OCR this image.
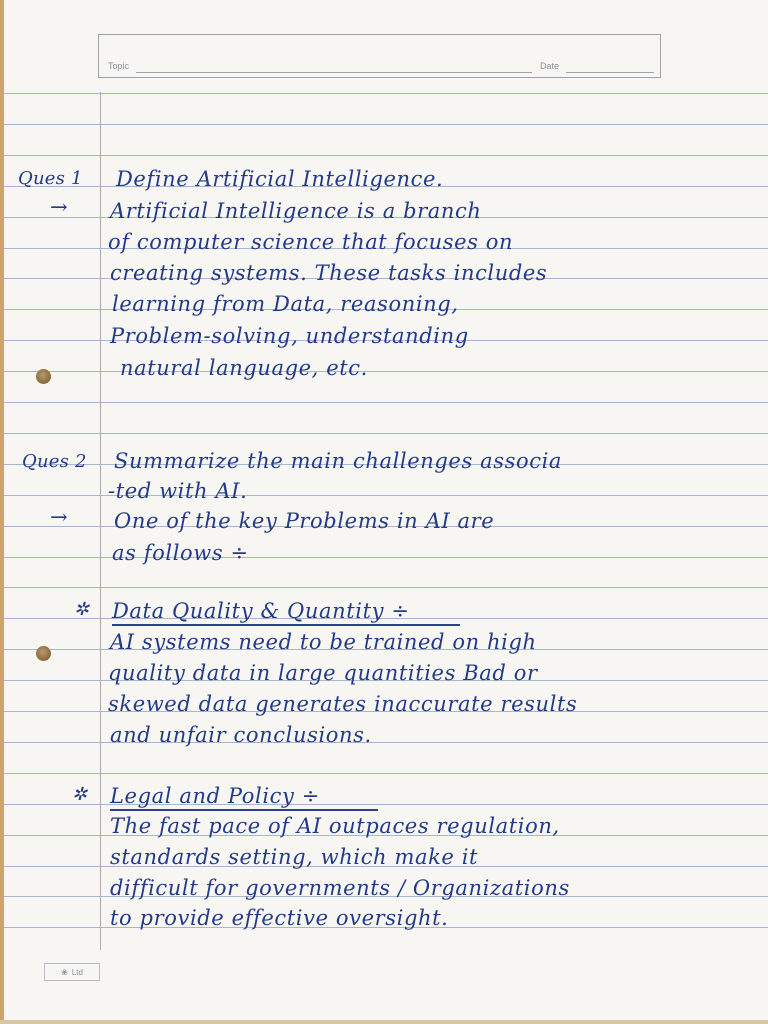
Topic	Date
Ques 1
→
Define Artificial Intelligence.
Artificial Intelligence is a branch
of computer science that focuses on
creating systems. These tasks includes
learning from Data, reasoning,
Problem-solving, understanding
natural language, etc.
Ques 2 Summarize the main challenges associa
-ted with AI.
→ One of the key Problems in AI are
as follows ÷
✲ Data Quality & Quantity ÷
AI systems need to be trained on high
quality data in large quantities Bad or
skewed data generates inaccurate results
and unfair conclusions.
✲ Legal and Policy ÷
The fast pace of AI outpaces regulation,
standards setting, which make it
difficult for governments / Organizations
to provide effective oversight.
❀ Ltd
